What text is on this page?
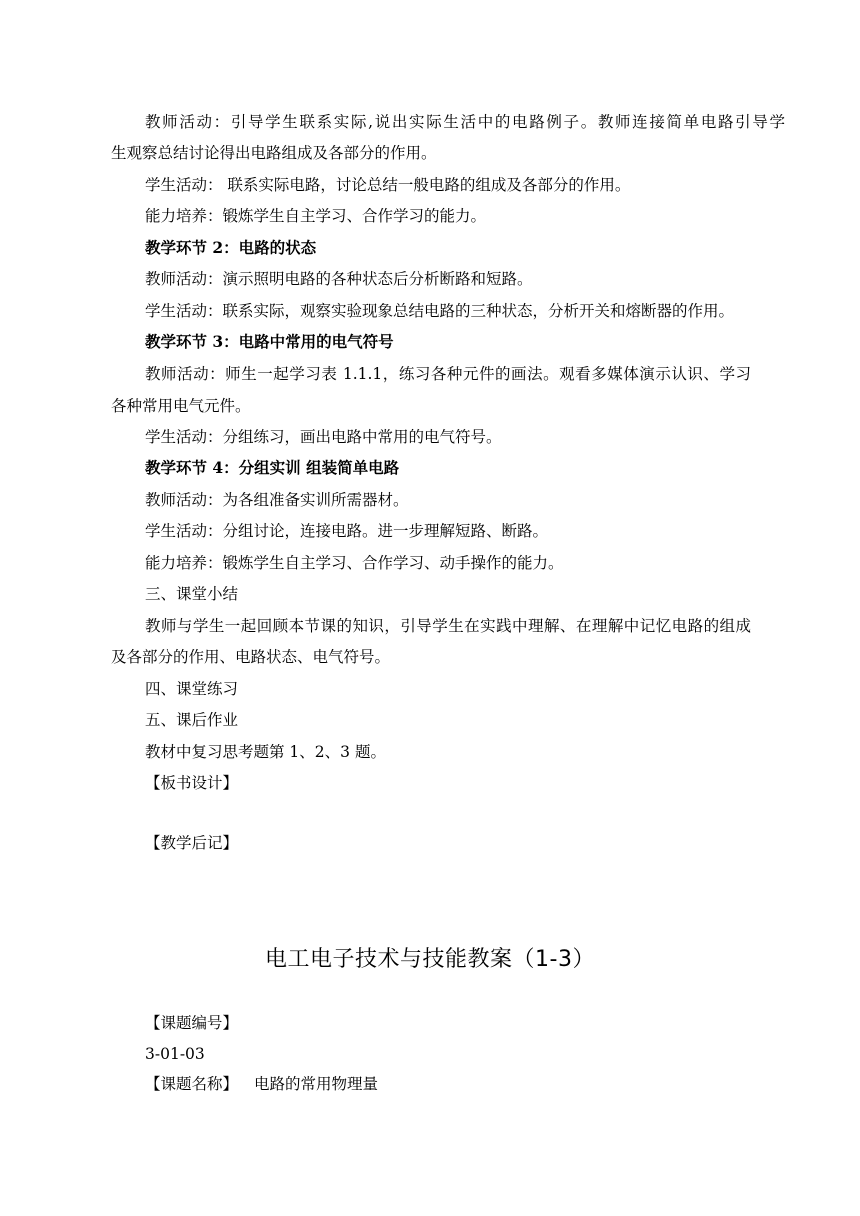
教师活动：引导学生联系实际,说出实际生活中的电路例子。教师连接简单电路引导学
生观察总结讨论得出电路组成及各部分的作用。
学生活动： 联系实际电路，讨论总结一般电路的组成及各部分的作用。
能力培养：锻炼学生自主学习、合作学习的能力。
教学环节 2：电路的状态
教师活动：演示照明电路的各种状态后分析断路和短路。
学生活动：联系实际，观察实验现象总结电路的三种状态，分析开关和熔断器的作用。
教学环节 3：电路中常用的电气符号
教师活动：师生一起学习表 1.1.1，练习各种元件的画法。观看多媒体演示认识、学习
各种常用电气元件。
学生活动：分组练习，画出电路中常用的电气符号。
教学环节 4：分组实训 组装简单电路
教师活动：为各组准备实训所需器材。
学生活动：分组讨论，连接电路。进一步理解短路、断路。
能力培养：锻炼学生自主学习、合作学习、动手操作的能力。
三、课堂小结
教师与学生一起回顾本节课的知识，引导学生在实践中理解、在理解中记忆电路的组成
及各部分的作用、电路状态、电气符号。
四、课堂练习
五、课后作业
教材中复习思考题第 1、2、3 题。
【板书设计】
【教学后记】
电工电子技术与技能教案（1-3）
【课题编号】
3-01-03
【课题名称】 电路的常用物理量
